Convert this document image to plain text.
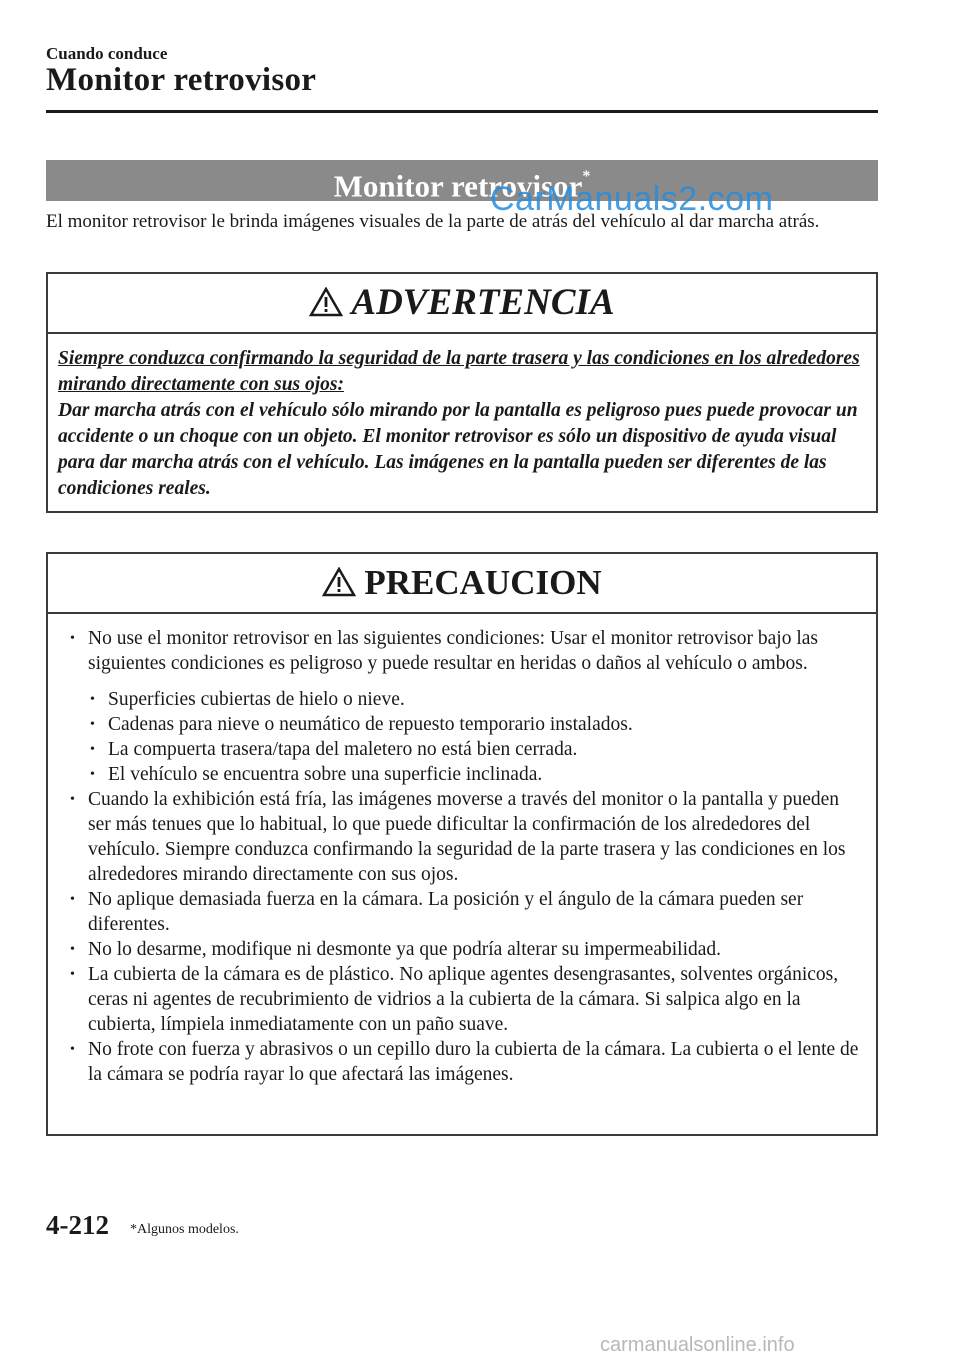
Cuando conduce
Monitor retrovisor
Monitor retrovisor*
CarManuals2.com
El monitor retrovisor le brinda imágenes visuales de la parte de atrás del vehículo al dar marcha atrás.
ADVERTENCIA
Siempre conduzca confirmando la seguridad de la parte trasera y las condiciones en los alrededores mirando directamente con sus ojos:
Dar marcha atrás con el vehículo sólo mirando por la pantalla es peligroso pues puede provocar un accidente o un choque con un objeto. El monitor retrovisor es sólo un dispositivo de ayuda visual para dar marcha atrás con el vehículo. Las imágenes en la pantalla pueden ser diferentes de las condiciones reales.
PRECAUCION
• No use el monitor retrovisor en las siguientes condiciones: Usar el monitor retrovisor bajo las siguientes condiciones es peligroso y puede resultar en heridas o daños al vehículo o ambos.
• Superficies cubiertas de hielo o nieve.
• Cadenas para nieve o neumático de repuesto temporario instalados.
• La compuerta trasera/tapa del maletero no está bien cerrada.
• El vehículo se encuentra sobre una superficie inclinada.
• Cuando la exhibición está fría, las imágenes moverse a través del monitor o la pantalla y pueden ser más tenues que lo habitual, lo que puede dificultar la confirmación de los alrededores del vehículo. Siempre conduzca confirmando la seguridad de la parte trasera y las condiciones en los alrededores mirando directamente con sus ojos.
• No aplique demasiada fuerza en la cámara. La posición y el ángulo de la cámara pueden ser diferentes.
• No lo desarme, modifique ni desmonte ya que podría alterar su impermeabilidad.
• La cubierta de la cámara es de plástico. No aplique agentes desengrasantes, solventes orgánicos, ceras ni agentes de recubrimiento de vidrios a la cubierta de la cámara. Si salpica algo en la cubierta, límpiela inmediatamente con un paño suave.
• No frote con fuerza y abrasivos o un cepillo duro la cubierta de la cámara. La cubierta o el lente de la cámara se podría rayar lo que afectará las imágenes.
4-212 *Algunos modelos.
carmanualsonline.info
